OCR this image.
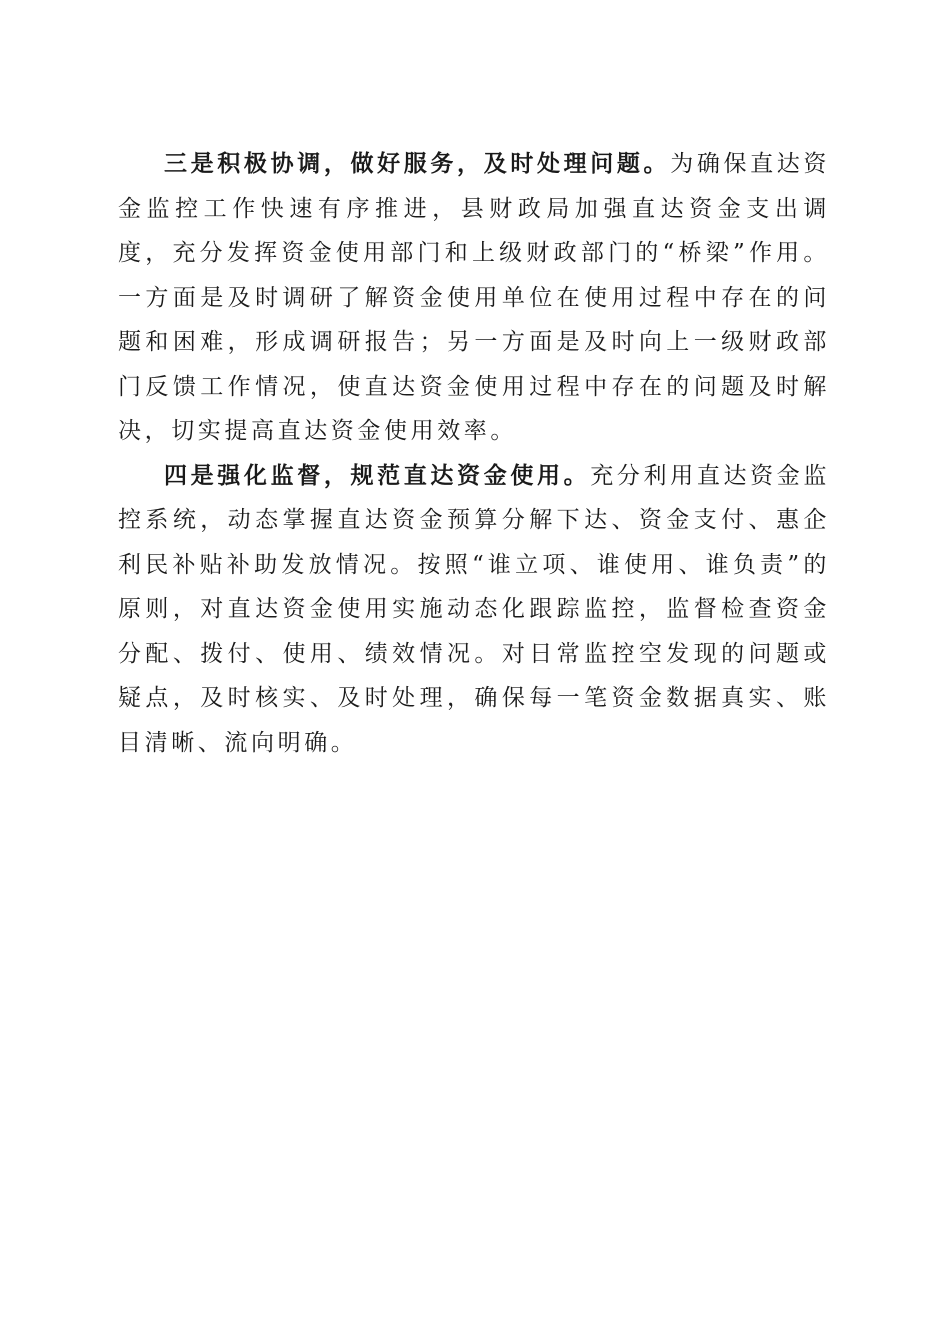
三是积极协调，做好服务，及时处理问题。为确保直达资金监控工作快速有序推进，县财政局加强直达资金支出调度，充分发挥资金使用部门和上级财政部门的“桥梁”作用。一方面是及时调研了解资金使用单位在使用过程中存在的问题和困难，形成调研报告；另一方面是及时向上一级财政部门反馈工作情况，使直达资金使用过程中存在的问题及时解决，切实提高直达资金使用效率。

四是强化监督，规范直达资金使用。充分利用直达资金监控系统，动态掌握直达资金预算分解下达、资金支付、惠企利民补贴补助发放情况。按照“谁立项、谁使用、谁负责”的原则，对直达资金使用实施动态化跟踪监控，监督检查资金分配、拨付、使用、绩效情况。对日常监控空发现的问题或疑点，及时核实、及时处理，确保每一笔资金数据真实、账目清晰、流向明确。
